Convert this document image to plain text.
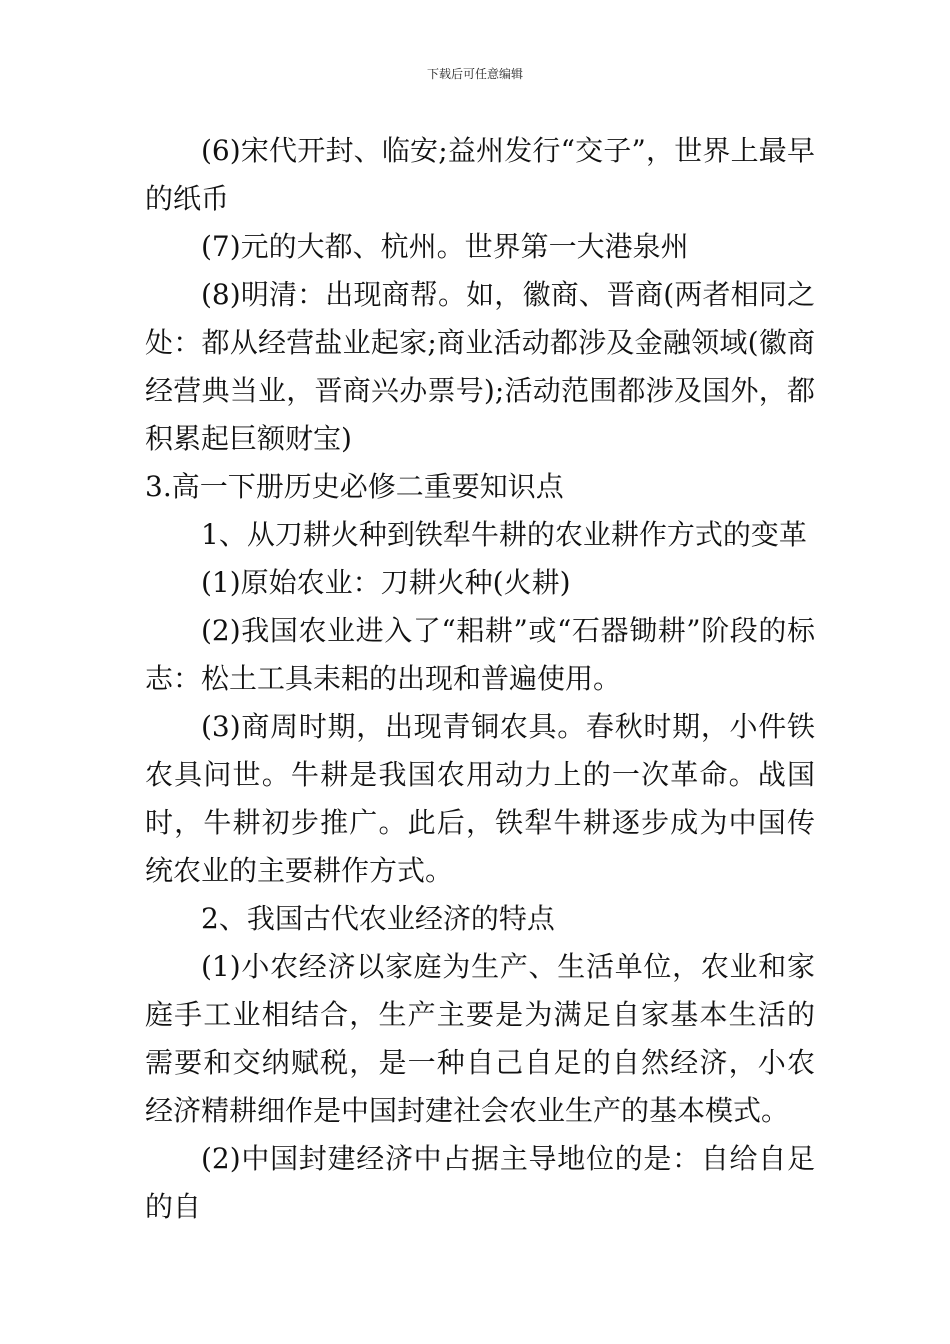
下载后可任意编辑

(6)宋代开封、临安;益州发行“交子”，世界上最早的纸币

(7)元的大都、杭州。世界第一大港泉州

(8)明清：出现商帮。如，徽商、晋商(两者相同之处：都从经营盐业起家;商业活动都涉及金融领域(徽商经营典当业，晋商兴办票号);活动范围都涉及国外，都积累起巨额财宝)

3.高一下册历史必修二重要知识点

1、从刀耕火种到铁犁牛耕的农业耕作方式的变革

(1)原始农业：刀耕火种(火耕)

(2)我国农业进入了“耜耕”或“石器锄耕”阶段的标志：松土工具耒耜的出现和普遍使用。

(3)商周时期，出现青铜农具。春秋时期，小件铁农具问世。牛耕是我国农用动力上的一次革命。战国时，牛耕初步推广。此后，铁犁牛耕逐步成为中国传统农业的主要耕作方式。

2、我国古代农业经济的特点

(1)小农经济以家庭为生产、生活单位，农业和家庭手工业相结合，生产主要是为满足自家基本生活的需要和交纳赋税，是一种自己自足的自然经济，小农经济精耕细作是中国封建社会农业生产的基本模式。

(2)中国封建经济中占据主导地位的是：自给自足的自
